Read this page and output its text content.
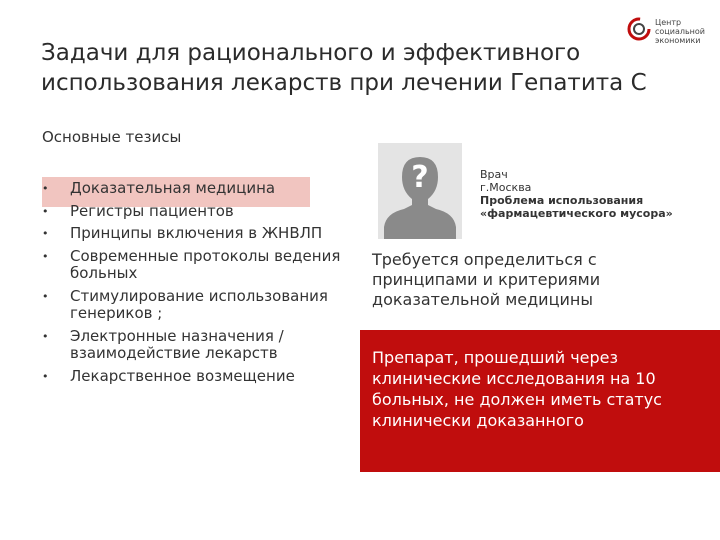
Задачи для рационального и эффективного использования лекарств при лечении Гепатита С
Центр
социальной
экономики
Основные тезисы
• Доказательная медицина
• Регистры пациентов
• Принципы включения в ЖНВЛП
• Современные протоколы ведения больных
• Стимулирование использования генериков ;
• Электронные назначения / взаимодействие лекарств
• Лекарственное возмещение
?	Врач
г.Москва
Проблема использования
«фармацевтического мусора»
Требуется определиться с принципами и критериями доказательной медицины
Препарат, прошедший через клинические исследования на 10 больных, не должен иметь статус клинически доказанного
